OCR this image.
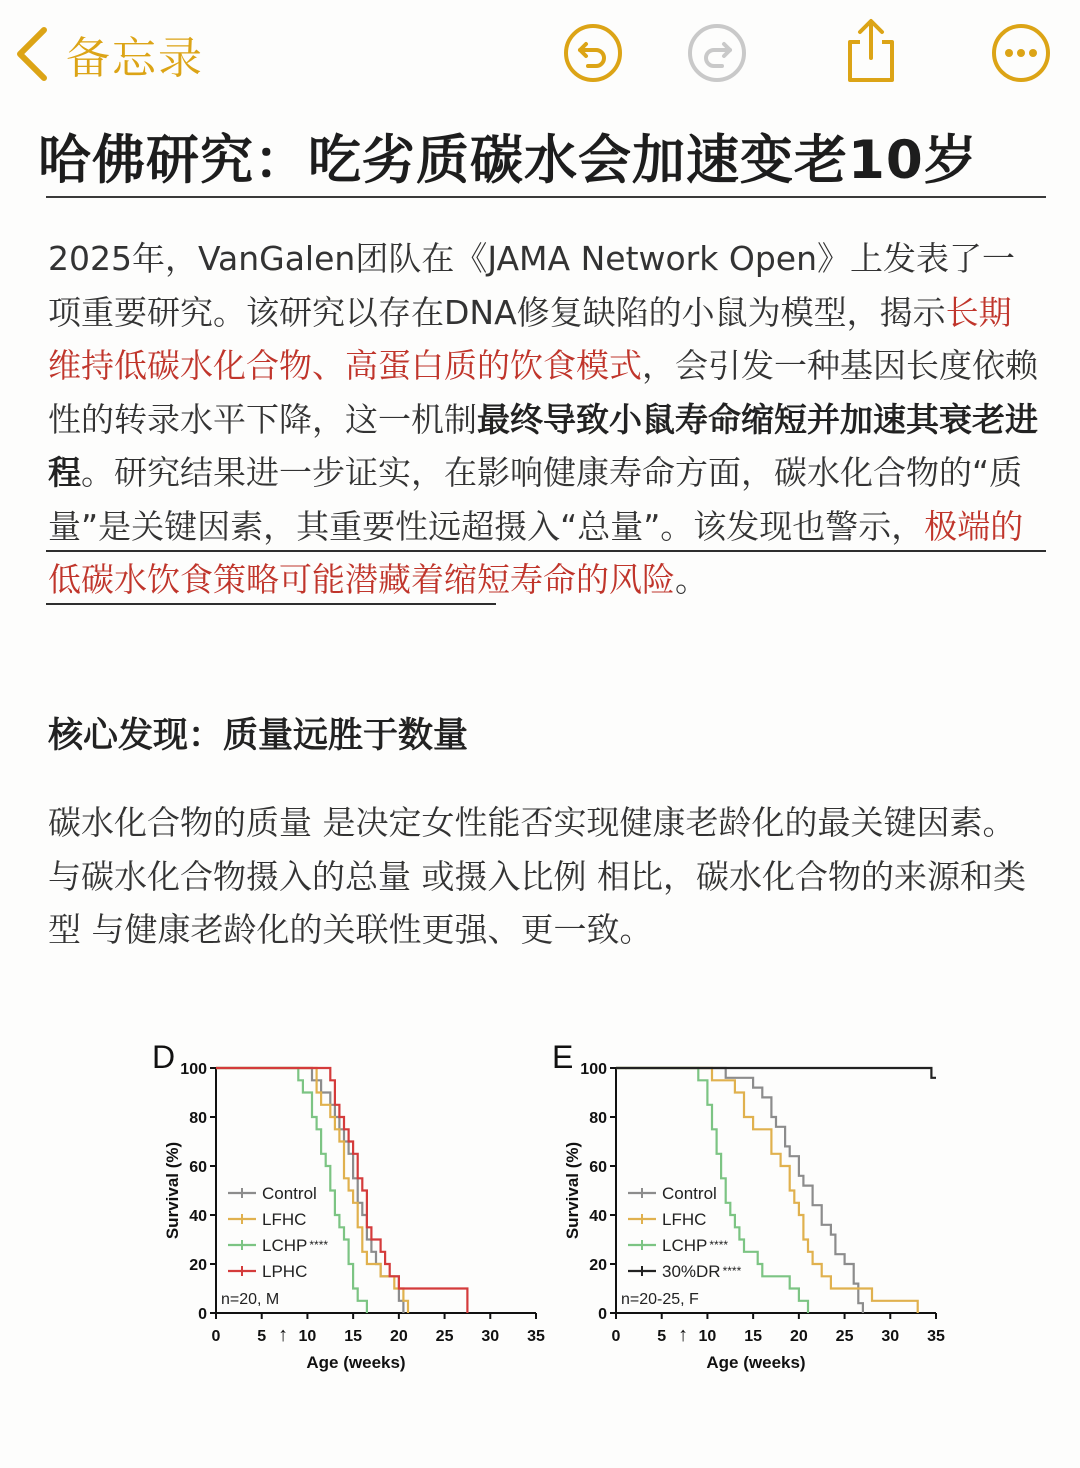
备忘录
哈佛研究：吃劣质碳水会加速变老10岁

2025年，VanGalen团队在《JAMA Network Open》上发表了一项重要研究。该研究以存在DNA修复缺陷的小鼠为模型，揭示长期维持低碳水化合物、高蛋白质的饮食模式，会引发一种基因长度依赖性的转录水平下降，这一机制最终导致小鼠寿命缩短并加速其衰老进程。研究结果进一步证实，在影响健康寿命方面，碳水化合物的“质量”是关键因素，其重要性远超摄入“总量”。该发现也警示，极端的低碳水饮食策略可能潜藏着缩短寿命的风险。

核心发现：质量远胜于数量

碳水化合物的质量 是决定女性能否实现健康老龄化的最关键因素。与碳水化合物摄入的总量 或摄入比例 相比，碳水化合物的来源和类型 与健康老龄化的关联性更强、更一致。

D
0
20
40
60
80
100
0 5 10 15 20 25 30 35
↑
Age (weeks)
Survival (%)	Control
LFHC
LCHP ****
LPHC
n=20, M
E
0
20
40
60
80
100
0 5 10 15 20 25 30 35
↑
Age (weeks)
Survival (%)	Control
LFHC
LCHP ****
30%DR ****
n=20-25, F
